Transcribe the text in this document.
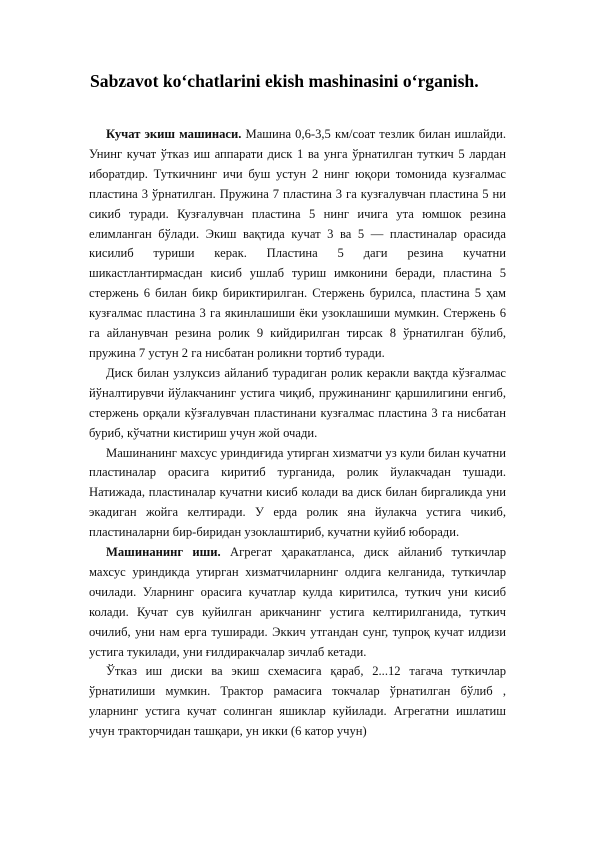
Sabzavot ko‘chatlarini ekish mashinasini o‘rganish.

Кучат экиш машинаси. Машина 0,6-3,5 км/соат тезлик билан ишлайди. Унинг кучат ўтказ иш аппарати диск 1 ва унга ўрнатилган туткич 5 лардан иборатдир. Туткичнинг ичи буш устун 2 нинг юқори томонида кузғалмас пластина 3 ўрнатилган. Пружина 7 пластина 3 га кузғалувчан пластина 5 ни сикиб туради. Кузғалувчан пластина 5 нинг ичига ута юмшок резина елимланган бўлади. Экиш вақтида кучат 3 ва 5 — пластиналар орасида кисилиб туриши керак. Пластина 5 даги резина кучатни шикастлантирмасдан кисиб ушлаб туриш имконини беради, пластина 5 стержень 6 билан бикр бириктирилган. Стержень бурилса, пластина 5 ҳам кузғалмас пластина 3 га якинлашиши ёки узоклашиши мумкин. Стержень 6 га айланувчан резина ролик 9 кийдирилган тирсак 8 ўрнатилган бўлиб, пружина 7 устун 2 га нисбатан роликни тортиб туради.

Диск билан узлуксиз айланиб турадиган ролик керакли вақтда кўзғалмас йўналтирувчи йўлакчанинг устига чиқиб, пружинанинг қаршилигини енгиб, стержень орқали кўзғалувчан пластинани кузғалмас пластина 3 га нисбатан буриб, кўчатни кистириш учун жой очади.

Машинанинг махсус уриндиғида утирган хизматчи уз кули билан кучатни пластиналар орасига киритиб турганида, ролик йулакчадан тушади. Натижада, пластиналар кучатни кисиб колади ва диск билан биргаликда уни экадиган жойга келтиради. У ерда ролик яна йулакча устига чикиб, пластиналарни бир-биридан узоклаштириб, кучатни куйиб юборади.

Машинанинг иши. Агрегат ҳаракатланса, диск айланиб туткичлар махсус уриндикда утирган хизматчиларнинг олдига келганида, туткичлар очилади. Уларнинг орасига кучатлар кулда киритилса, туткич уни кисиб колади. Кучат сув куйилган арикчанинг устига келтирилганида, туткич очилиб, уни нам ерга туширади. Эккич утгандан сунг, тупроқ кучат илдизи устига тукилади, уни ғилдиракчалар зичлаб кетади.

Ўтказ иш диски ва экиш схемасига қараб, 2...12 тагача туткичлар ўрнатилиши мумкин. Трактор рамасига токчалар ўрнатилган бўлиб , уларнинг устига кучат солинган яшиклар куйилади. Агрегатни ишлатиш учун тракторчидан ташқари, ун икки (6 катор учун)
